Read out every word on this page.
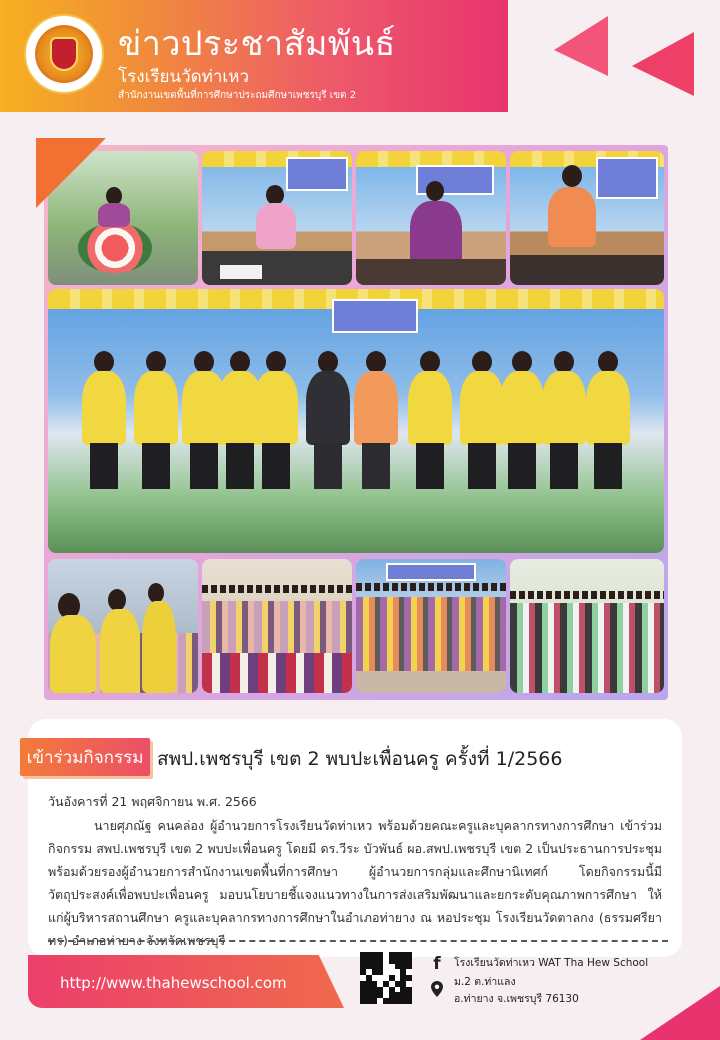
ข่าวประชาสัมพันธ์
โรงเรียนวัดท่าเหว
สำนักงานเขตพื้นที่การศึกษาประถมศึกษาเพชรบุรี เขต 2
เข้าร่วมกิจกรรม สพป.เพชรบุรี เขต 2 พบปะเพื่อนครู ครั้งที่ 1/2566
วันอังคารที่ 21 พฤศจิกายน พ.ศ. 2566
นายศุภณัฐ คนคล่อง ผู้อำนวยการโรงเรียนวัดท่าเหว พร้อมด้วยคณะครูและบุคลากรทางการศึกษา เข้าร่วมกิจกรรม สพป.เพชรบุรี เขต 2 พบปะเพื่อนครู โดยมี ดร.วีระ บัวพันธ์ ผอ.สพป.เพชรบุรี เขต 2 เป็นประธานการประชุม พร้อมด้วยรองผู้อำนวยการสำนักงานเขตพื้นที่การศึกษา ผู้อำนวยการกลุ่มและศึกษานิเทศก์ โดยกิจกรรมนี้มีวัตถุประสงค์เพื่อพบปะเพื่อนครู มอบนโยบายชี้แจงแนวทางในการส่งเสริมพัฒนาและยกระดับคุณภาพการศึกษา ให้แก่ผู้บริหารสถานศึกษา ครูและบุคลากรทางการศึกษาในอำเภอท่ายาง ณ หอประชุม โรงเรียนวัดตาลกง (ธรรมศรียาทร) อำเภอท่ายาง จังหวัดเพชรบุรี
http://www.thahewschool.com
f	โรงเรียนวัดท่าเหว WAT Tha Hew School
ม.2 ต.ท่าแลง
อ.ท่ายาง จ.เพชรบุรี 76130
